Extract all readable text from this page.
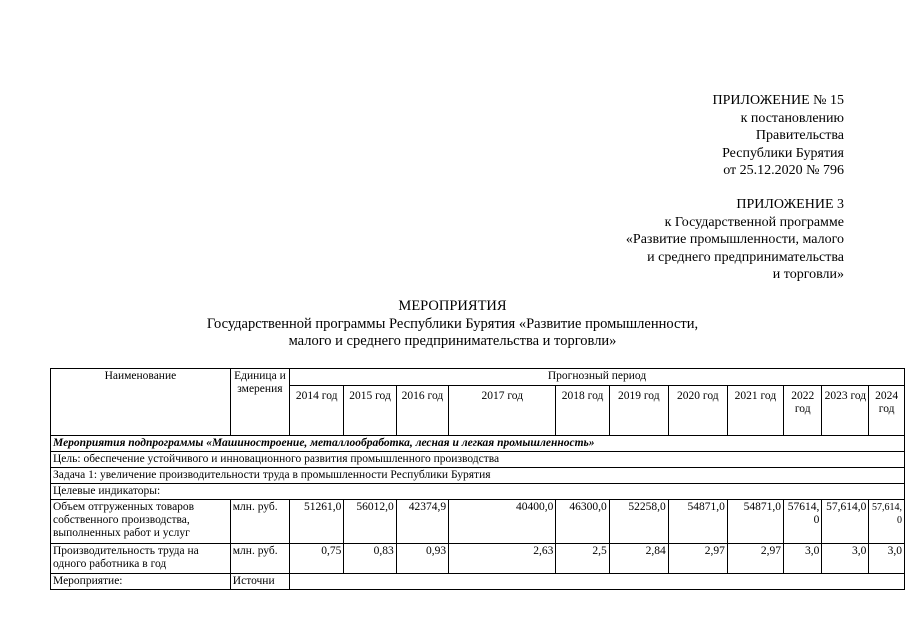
ПРИЛОЖЕНИЕ № 15
к постановлению
Правительства
Республики Бурятия
от 25.12.2020 № 796
ПРИЛОЖЕНИЕ 3
к Государственной программе
«Развитие промышленности, малого
и среднего предпринимательства
и торговли»
МЕРОПРИЯТИЯ
Государственной программы Республики Бурятия «Развитие промышленности,
малого и среднего предпринимательства и торговли»
Наименование	Единица измерения	Прогнозный период										
		2014 год	2015 год	2016 год	2017 год	2018 год	2019 год	2020 год	2021 год	2022 год	2023 год	2024 год
Мероприятия подпрограммы «Машиностроение, металлообработка, лесная и легкая промышленность»												
Цель: обеспечение устойчивого и инновационного развития промышленного производства												
Задача 1: увеличение производительности труда в промышленности Республики Бурятия												
Целевые индикаторы:												
Объем отгруженных товаров собственного производства, выполненных работ и услуг	млн. руб.	51261,0	56012,0	42374,9	40400,0	46300,0	52258,0	54871,0	54871,0	57614,0	57,614,0	57,614,0
Производительность труда на одного работника в год	млн. руб.	0,75	0,83	0,93	2,63	2,5	2,84	2,97	2,97	3,0	3,0	3,0
Мероприятие:	Источни											
